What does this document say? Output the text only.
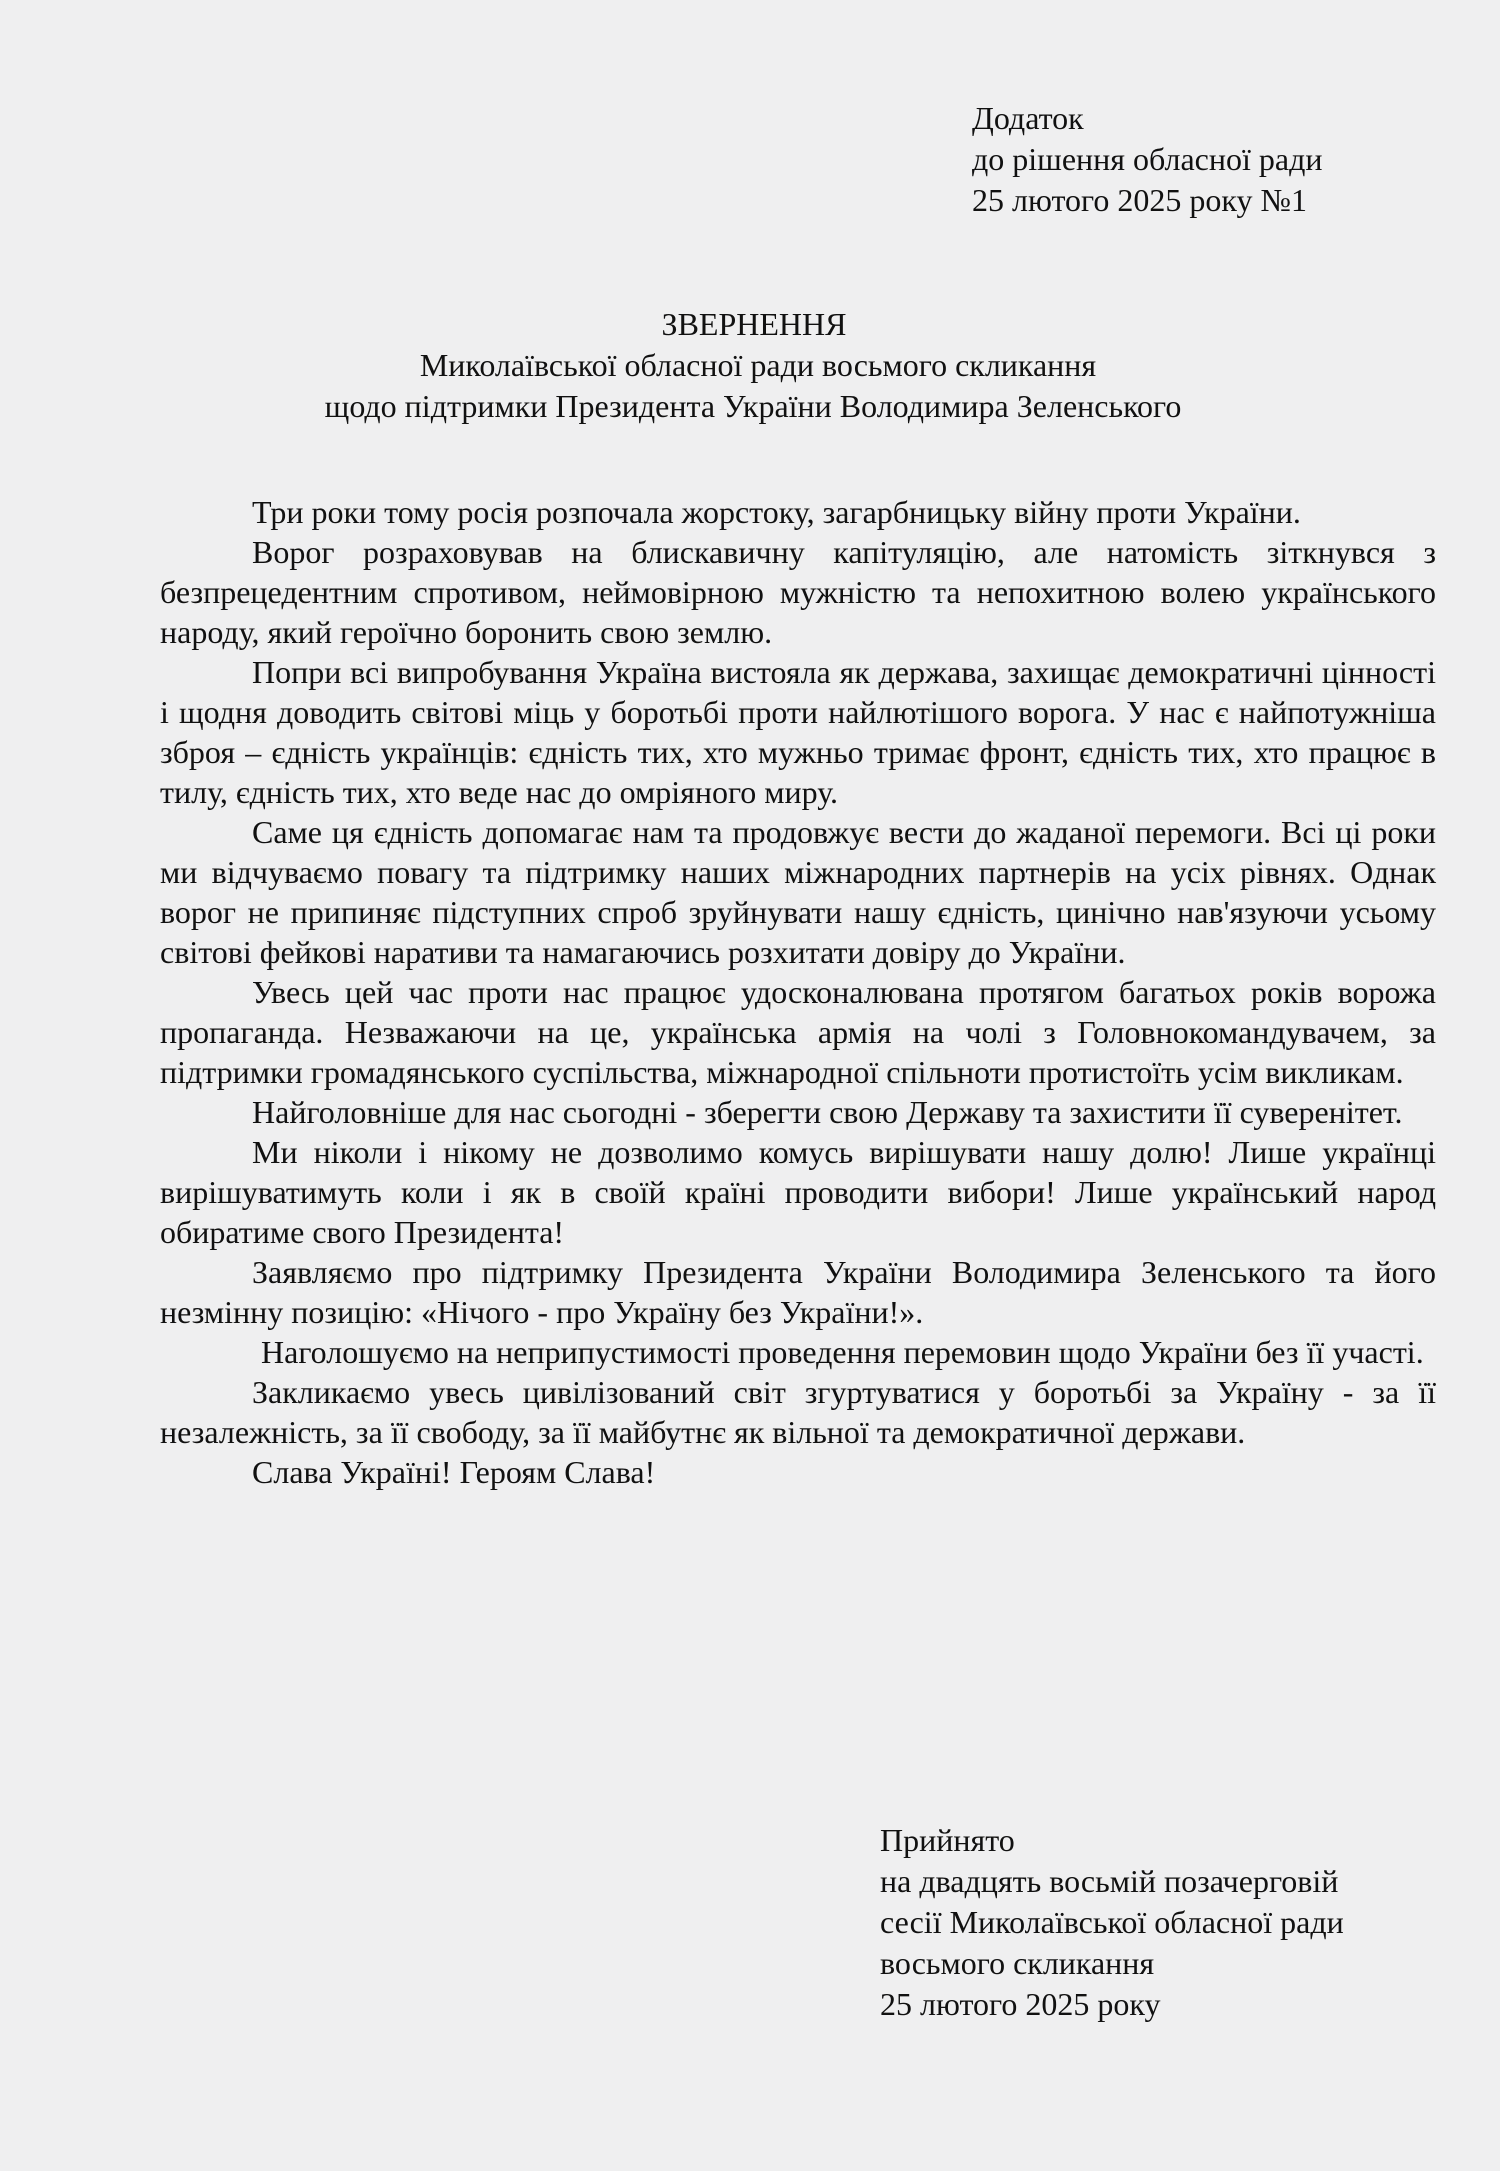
Додаток
до рішення обласної ради
25 лютого 2025 року №1
ЗВЕРНЕННЯ
Миколаївської обласної ради восьмого скликання
щодо підтримки Президента України Володимира Зеленського

Три роки тому росія розпочала жорстоку, загарбницьку війну проти України.

Ворог розраховував на блискавичну капітуляцію, але натомість зіткнувся з безпрецедентним спротивом, неймовірною мужністю та непохитною волею українського народу, який героїчно боронить свою землю.

Попри всі випробування Україна вистояла як держава, захищає демократичні цінності і щодня доводить світові міць у боротьбі проти найлютішого ворога. У нас є найпотужніша зброя – єдність українців: єдність тих, хто мужньо тримає фронт, єдність тих, хто працює в тилу, єдність тих, хто веде нас до омріяного миру.

Саме ця єдність допомагає нам та продовжує вести до жаданої перемоги. Всі ці роки ми відчуваємо повагу та підтримку наших міжнародних партнерів на усіх рівнях. Однак ворог не припиняє підступних спроб зруйнувати нашу єдність, цинічно нав'язуючи усьому світові фейкові наративи та намагаючись розхитати довіру до України.

Увесь цей час проти нас працює удосконалювана протягом багатьох років ворожа пропаганда. Незважаючи на це, українська армія на чолі з Головнокомандувачем, за підтримки громадянського суспільства, міжнародної спільноти протистоїть усім викликам.

Найголовніше для нас сьогодні - зберегти свою Державу та захистити її суверенітет.

Ми ніколи і нікому не дозволимо комусь вирішувати нашу долю! Лише українці вирішуватимуть коли і як в своїй країні проводити вибори! Лише український народ обиратиме свого Президента!

Заявляємо про підтримку Президента України Володимира Зеленського та його незмінну позицію: «Нічого - про Україну без України!».

Наголошуємо на неприпустимості проведення перемовин щодо України без її участі.

Закликаємо увесь цивілізований світ згуртуватися у боротьбі за Україну - за її незалежність, за її свободу, за її майбутнє як вільної та демократичної держави.

Слава Україні! Героям Слава!

Прийнято
на двадцять восьмій позачерговій
сесії Миколаївської обласної ради
восьмого скликання
25 лютого 2025 року
